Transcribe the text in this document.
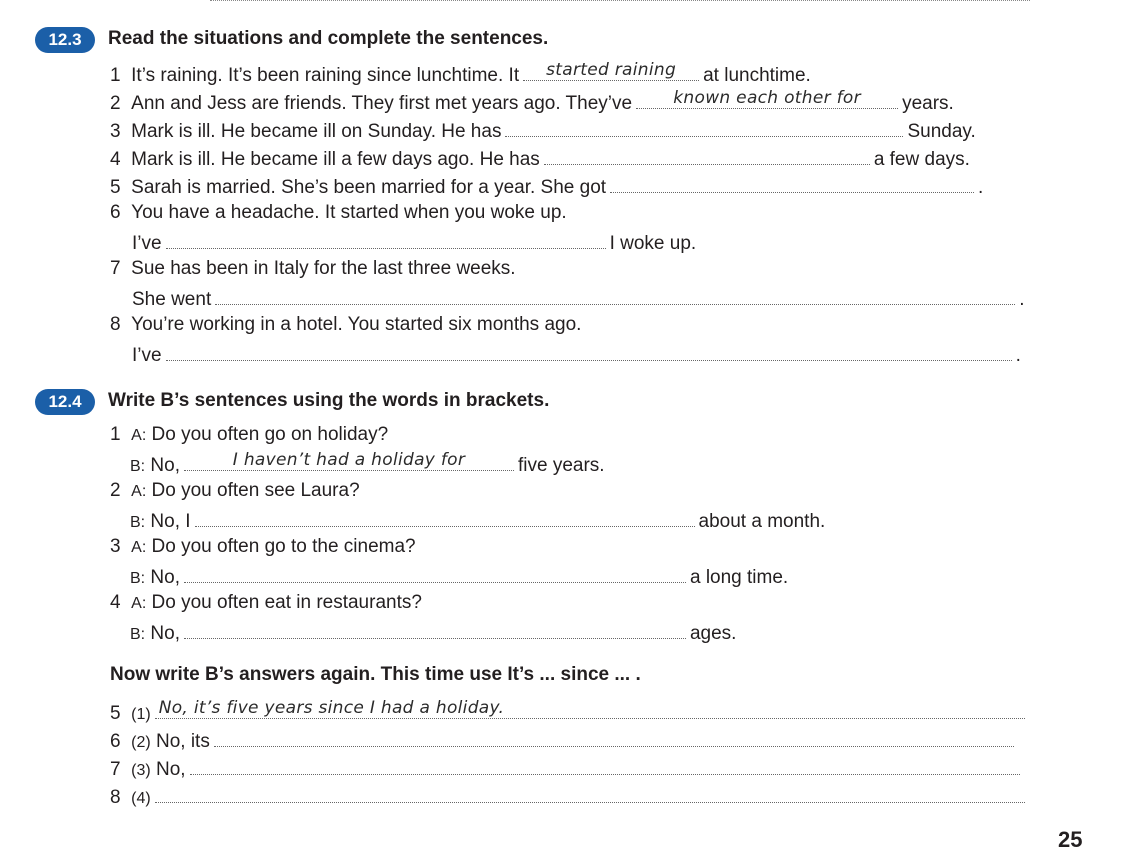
12.3	Read the situations and complete the sentences.
1 It’s raining. It’s been raining since lunchtime. It	started raining	at lunchtime.
2 Ann and Jess are friends. They first met years ago. They’ve	known each other for	years.
3 Mark is ill. He became ill on Sunday. He has	Sunday.
4 Mark is ill. He became ill a few days ago. He has	a few days.
5 Sarah is married. She’s been married for a year. She got	.
6 You have a headache. It started when you woke up.
I’ve	I woke up.
7 Sue has been in Italy for the last three weeks.
She went	.
8 You’re working in a hotel. You started six months ago.
I’ve	.
12.4	Write B’s sentences using the words in brackets.
1 A: Do you often go on holiday?
B: No,	I haven’t had a holiday for	five years.
2 A: Do you often see Laura?
B: No, I	about a month.
3 A: Do you often go to the cinema?
B: No,	a long time.
4 A: Do you often eat in restaurants?
B: No,	ages.
Now write B’s answers again. This time use It’s ... since ... .
5 (1) No, it’s five years since I had a holiday.
6 (2) No, its
7 (3) No,
8 (4)
25
